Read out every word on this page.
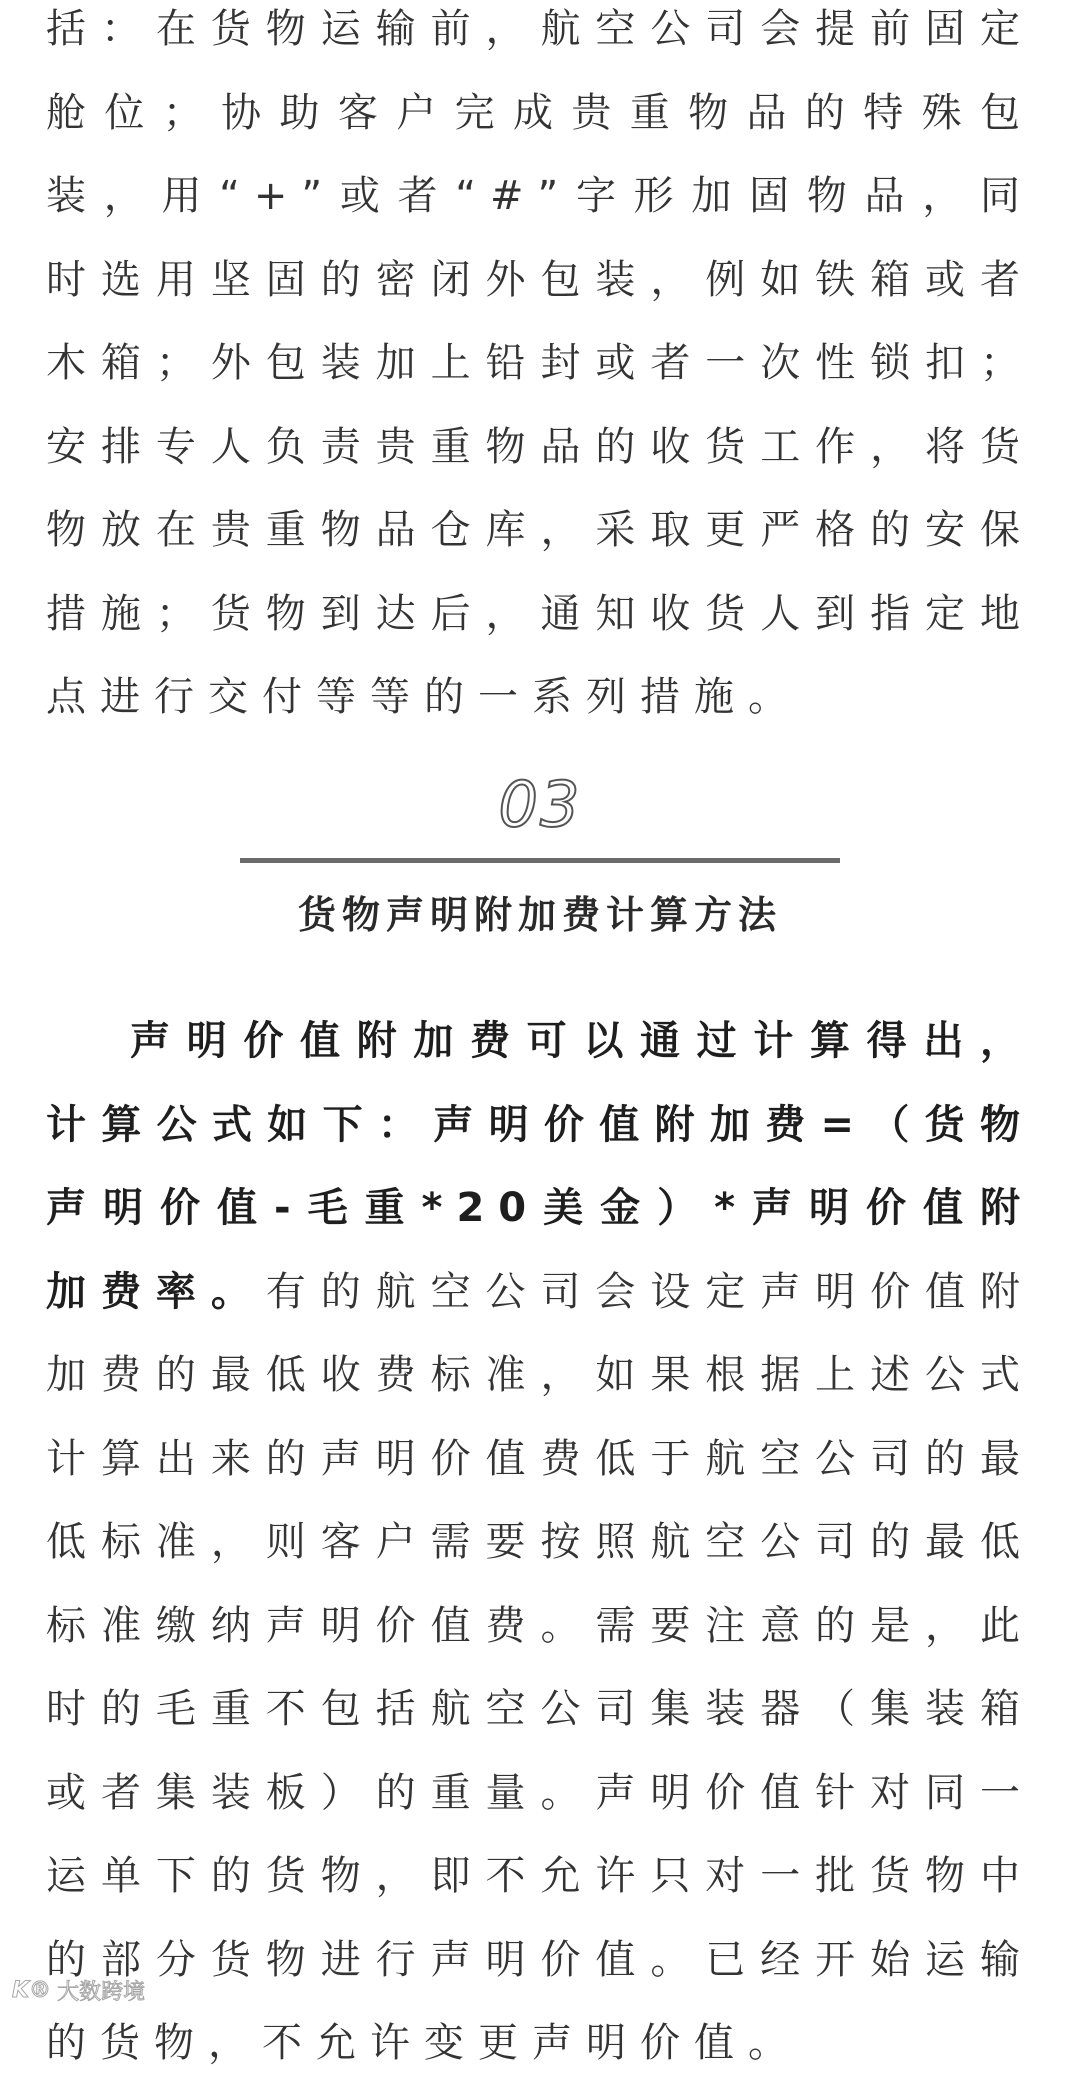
括：在货物运输前，航空公司会提前固定舱位；协助客户完成贵重物品的特殊包装，用“+”或者“#”字形加固物品，同时选用坚固的密闭外包装，例如铁箱或者木箱；外包装加上铅封或者一次性锁扣；安排专人负责贵重物品的收货工作，将货物放在贵重物品仓库，采取更严格的安保措施；货物到达后，通知收货人到指定地点进行交付等等的一系列措施。
03
货物声明附加费计算方法
声明价值附加费可以通过计算得出，计算公式如下：声明价值附加费=（货物声明价值-毛重*20美金）*声明价值附加费率。有的航空公司会设定声明价值附加费的最低收费标准，如果根据上述公式计算出来的声明价值费低于航空公司的最低标准，则客户需要按照航空公司的最低标准缴纳声明价值费。需要注意的是，此时的毛重不包括航空公司集装器（集装箱或者集装板）的重量。声明价值针对同一运单下的货物，即不允许只对一批货物中的部分货物进行声明价值。已经开始运输的货物，不允许变更声明价值。
K® 大数跨境
